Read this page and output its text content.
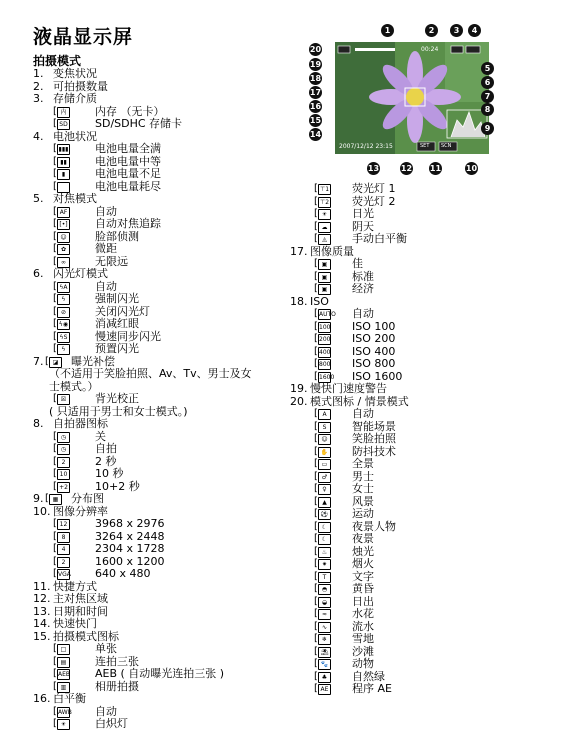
液晶显示屏
拍摄模式
00:24
2007/12/12 23:15	SET SCN
1	2	3	4
5
6
7
8
9
10
11
12
13
14
15
16
17
18
19
20
1. 变焦状况
2. 可拍摄数量
3. 存储介质
[ 内	内存 （无卡）
[ SD SD/SDHC 存储卡
4. 电池状况
[ ▮▮▮ 电池电量全满
[ ▮▮	电池电量中等
[ ▮	电池电量不足
[	电池电量耗尽
5. 对焦模式
[ AF	自动
[ [•] 自动对焦追踪
[ ☺	脸部侦测
[ ✿	微距
[ ∞	无限远
6. 闪光灯模式
[ ϟA 自动
[ ϟ	强制闪光
[ ⊘	关闭闪光灯
[ ϟ◉ 消减红眼
[ ϟS	慢速同步闪光
[ ϟ	预置闪光
7. [ ◪	曝光补偿
（不适用于笑脸拍照、Av、Tv、男士及女
士模式。）
[ ☒	背光校正
( 只适用于男士和女士模式。)
8. 自拍器图标
[ ◷	关
[ ◷	自拍
[ 2	2 秒
[ 10	10 秒
[ +2 10+2 秒
9. [ ▦	分布图
10. 图像分辨率
[ 12	3968 x 2976
[ 8	3264 x 2448
[ 4	2304 x 1728
[ 2	1600 x 1200
[ VGA 640 x 480
11. 快捷方式
12. 主对焦区域
13. 日期和时间
14. 快速快门
15. 拍摄模式图标
[ □	单张
[ ▤	连拍三张
[ AEB AEB ( 自动曝光连拍三张 )
[ ▥	相册拍摄
16. 白平衡
[ AWB 自动
[ ☀	白炽灯
[ ⊤1 荧光灯 1
[ ⊤2 荧光灯 2
[ ☀	日光
[ ☁	阴天
[ ◬	手动白平衡
17. 图像质量
[ ▣	佳
[ ▣	标准
[ ▣	经济
18. ISO
[ AUTO 自动
[ 100 ISO 100
[ 200 ISO 200
[ 400 ISO 400
[ 800 ISO 800
[ 1600 ISO 1600
19. 慢快门速度警告
20. 模式图标 / 情景模式
[ A	自动
[ S	智能场景
[ ☺	笑脸拍照
[ ✋ 防抖技术
[ ▭	全景
[ ♂	男士
[ ♀	女士
[ ▲	风景
[ ⚽ 运动
[ ☾	夜景人物
[ ☾	夜景
[ ♨	烛光
[ ✷	烟火
[ T	文字
[ ◓	黄昏
[ ◒	日出
[ ≈	水花
[ ∿	流水
[ ❄	雪地
[ ⛱ 沙滩
[ 🐾 动物
[ ♣	自然绿
[ AE 程序 AE
